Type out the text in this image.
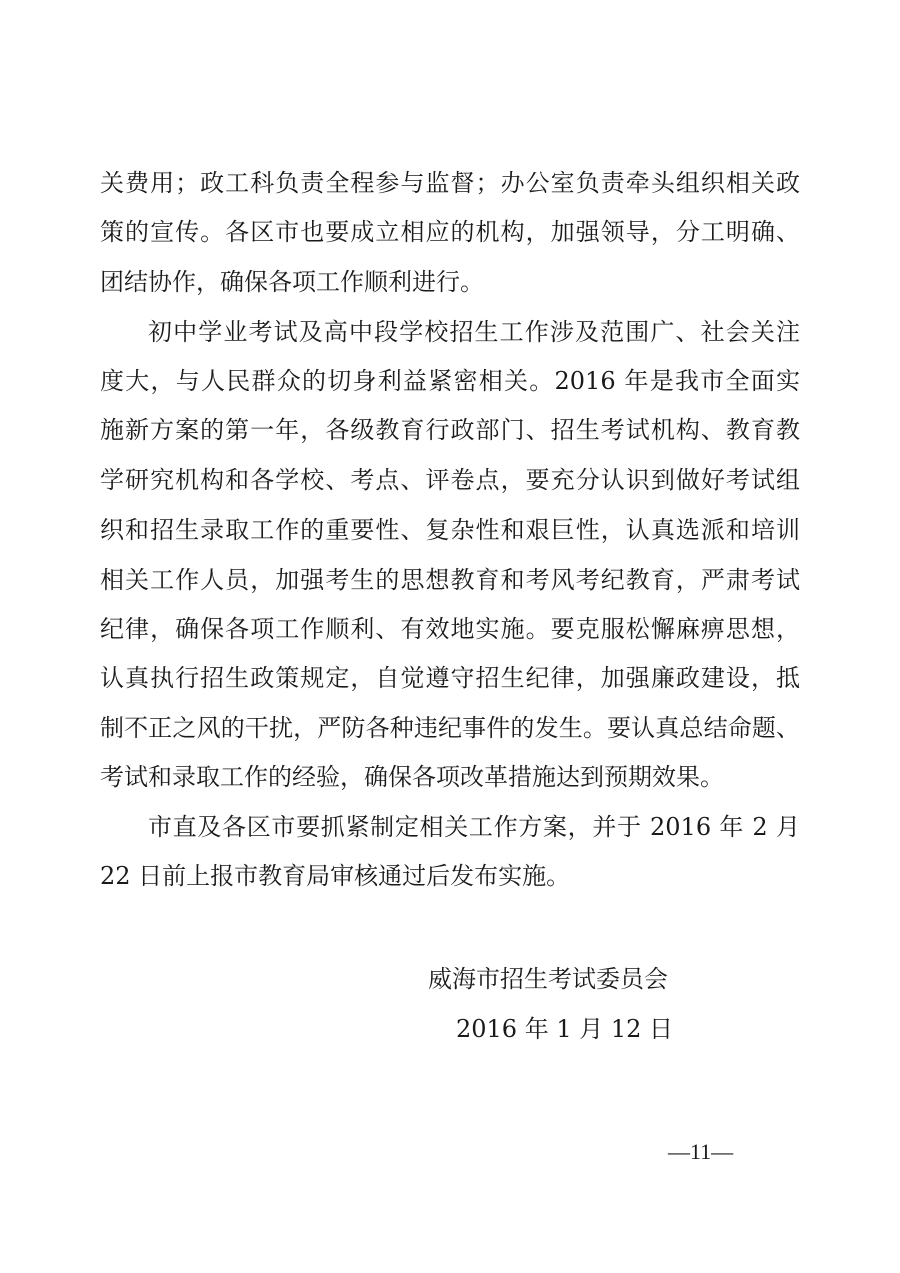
关费用；政工科负责全程参与监督；办公室负责牵头组织相关政
策的宣传。各区市也要成立相应的机构，加强领导，分工明确、
团结协作，确保各项工作顺利进行。
初中学业考试及高中段学校招生工作涉及范围广、社会关注
度大，与人民群众的切身利益紧密相关。2016 年是我市全面实
施新方案的第一年，各级教育行政部门、招生考试机构、教育教
学研究机构和各学校、考点、评卷点，要充分认识到做好考试组
织和招生录取工作的重要性、复杂性和艰巨性，认真选派和培训
相关工作人员，加强考生的思想教育和考风考纪教育，严肃考试
纪律，确保各项工作顺利、有效地实施。要克服松懈麻痹思想，
认真执行招生政策规定，自觉遵守招生纪律，加强廉政建设，抵
制不正之风的干扰，严防各种违纪事件的发生。要认真总结命题、
考试和录取工作的经验，确保各项改革措施达到预期效果。
市直及各区市要抓紧制定相关工作方案，并于 2016 年 2 月
22 日前上报市教育局审核通过后发布实施。
威海市招生考试委员会
2016 年 1 月 12 日
—11—
